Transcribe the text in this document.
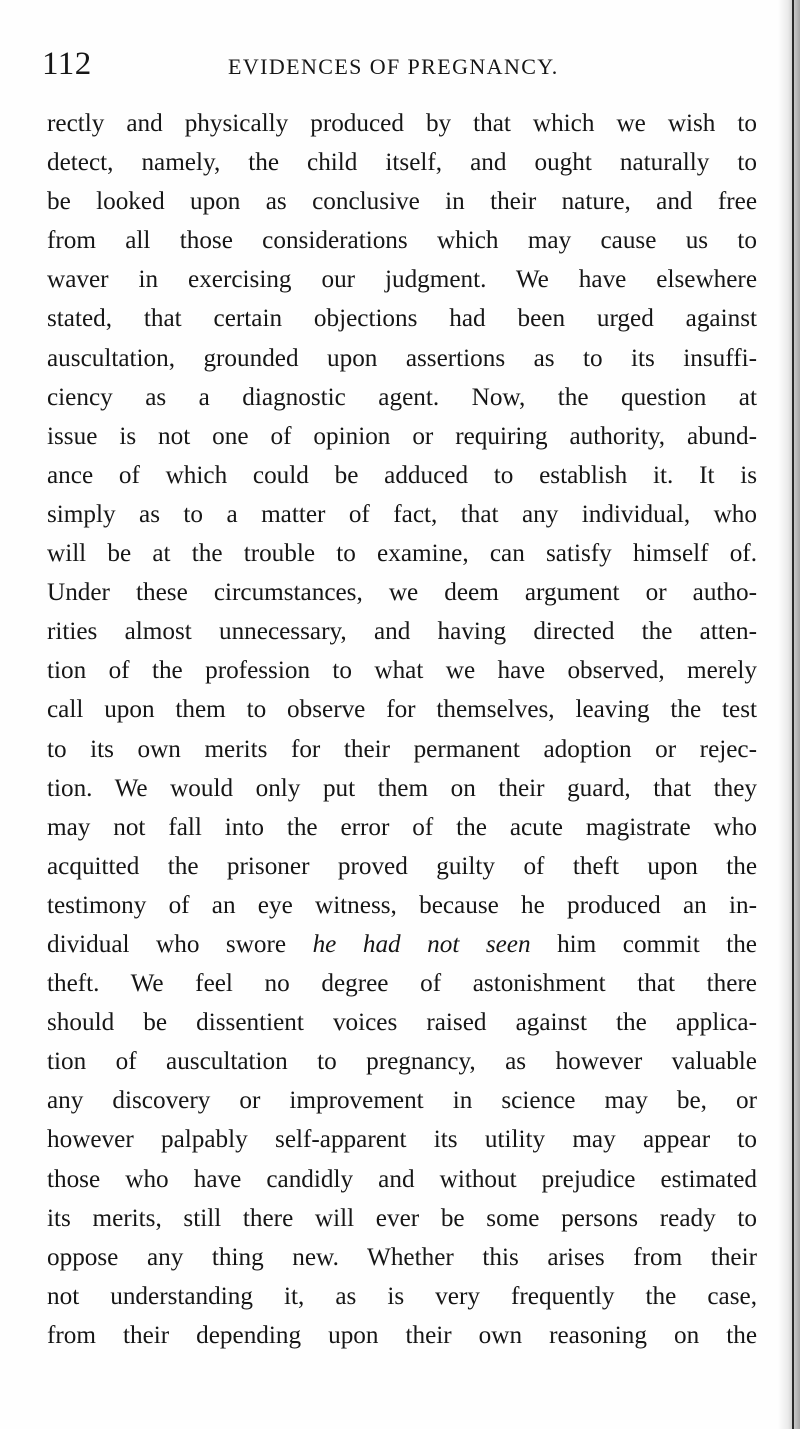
112	EVIDENCES OF PREGNANCY.
rectly and physically produced by that which we wish to
detect, namely, the child itself, and ought naturally to
be looked upon as conclusive in their nature, and free
from all those considerations which may cause us to
waver in exercising our judgment. We have elsewhere
stated, that certain objections had been urged against
auscultation, grounded upon assertions as to its insuffi-
ciency as a diagnostic agent. Now, the question at
issue is not one of opinion or requiring authority, abund-
ance of which could be adduced to establish it. It is
simply as to a matter of fact, that any individual, who
will be at the trouble to examine, can satisfy himself of.
Under these circumstances, we deem argument or autho-
rities almost unnecessary, and having directed the atten-
tion of the profession to what we have observed, merely
call upon them to observe for themselves, leaving the test
to its own merits for their permanent adoption or rejec-
tion. We would only put them on their guard, that they
may not fall into the error of the acute magistrate who
acquitted the prisoner proved guilty of theft upon the
testimony of an eye witness, because he produced an in-
dividual who swore he had not seen him commit the
theft. We feel no degree of astonishment that there
should be dissentient voices raised against the applica-
tion of auscultation to pregnancy, as however valuable
any discovery or improvement in science may be, or
however palpably self-apparent its utility may appear to
those who have candidly and without prejudice estimated
its merits, still there will ever be some persons ready to
oppose any thing new. Whether this arises from their
not understanding it, as is very frequently the case,
from their depending upon their own reasoning on the
